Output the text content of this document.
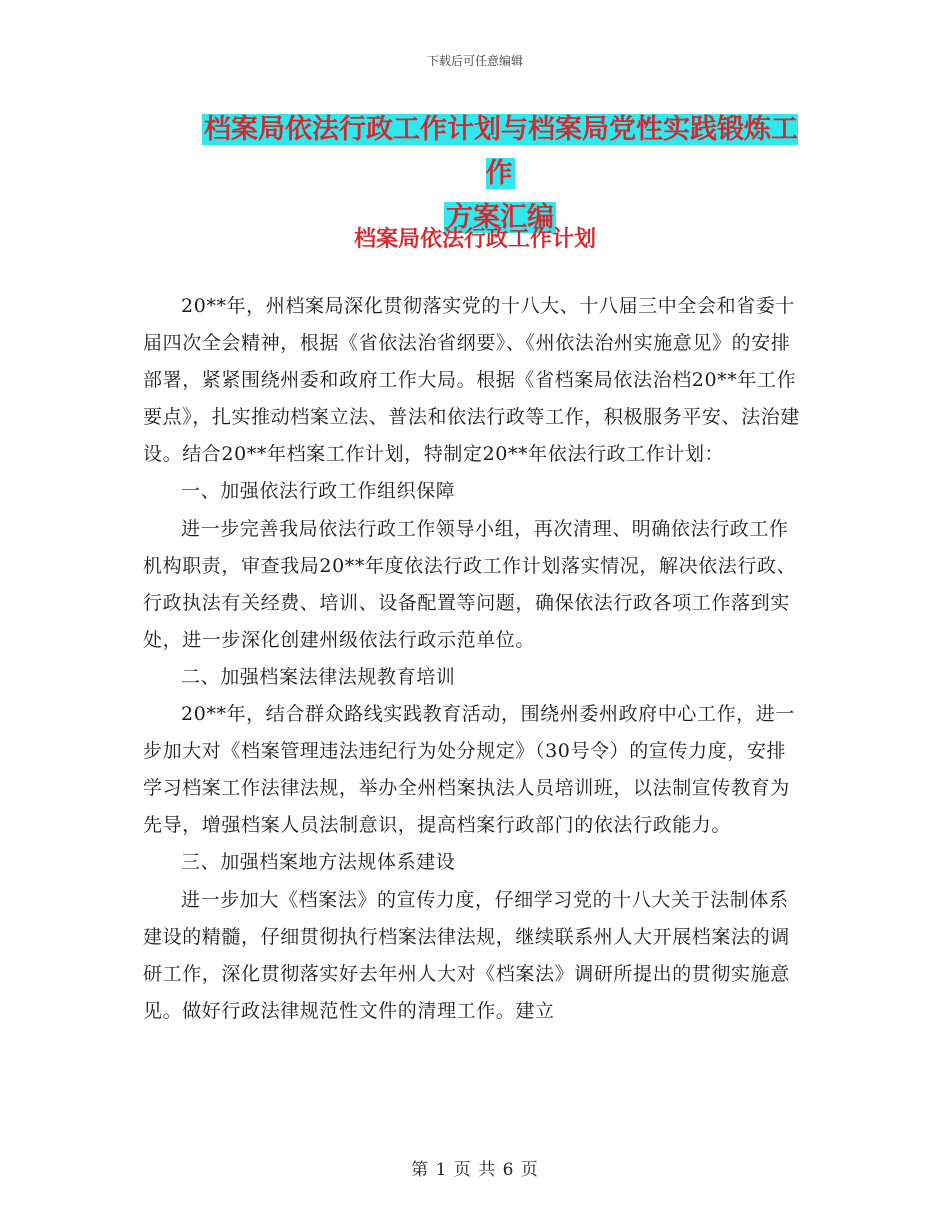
下载后可任意编辑
档案局依法行政工作计划与档案局党性实践锻炼工作
方案汇编
档案局依法行政工作计划

20**年，州档案局深化贯彻落实党的十八大、十八届三中全会和省委十届四次全会精神，根据《省依法治省纲要》、《州依法治州实施意见》的安排部署，紧紧围绕州委和政府工作大局。根据《省档案局依法治档20**年工作要点》，扎实推动档案立法、普法和依法行政等工作，积极服务平安、法治建设。结合20**年档案工作计划，特制定20**年依法行政工作计划：

一、加强依法行政工作组织保障

进一步完善我局依法行政工作领导小组，再次清理、明确依法行政工作机构职责，审查我局20**年度依法行政工作计划落实情况，解决依法行政、行政执法有关经费、培训、设备配置等问题，确保依法行政各项工作落到实处，进一步深化创建州级依法行政示范单位。

二、加强档案法律法规教育培训

20**年，结合群众路线实践教育活动，围绕州委州政府中心工作，进一步加大对《档案管理违法违纪行为处分规定》（30号令）的宣传力度，安排学习档案工作法律法规，举办全州档案执法人员培训班，以法制宣传教育为先导，增强档案人员法制意识，提高档案行政部门的依法行政能力。

三、加强档案地方法规体系建设

进一步加大《档案法》的宣传力度，仔细学习党的十八大关于法制体系建设的精髓，仔细贯彻执行档案法律法规，继续联系州人大开展档案法的调研工作，深化贯彻落实好去年州人大对《档案法》调研所提出的贯彻实施意见。做好行政法律规范性文件的清理工作。建立

第 1 页 共 6 页
